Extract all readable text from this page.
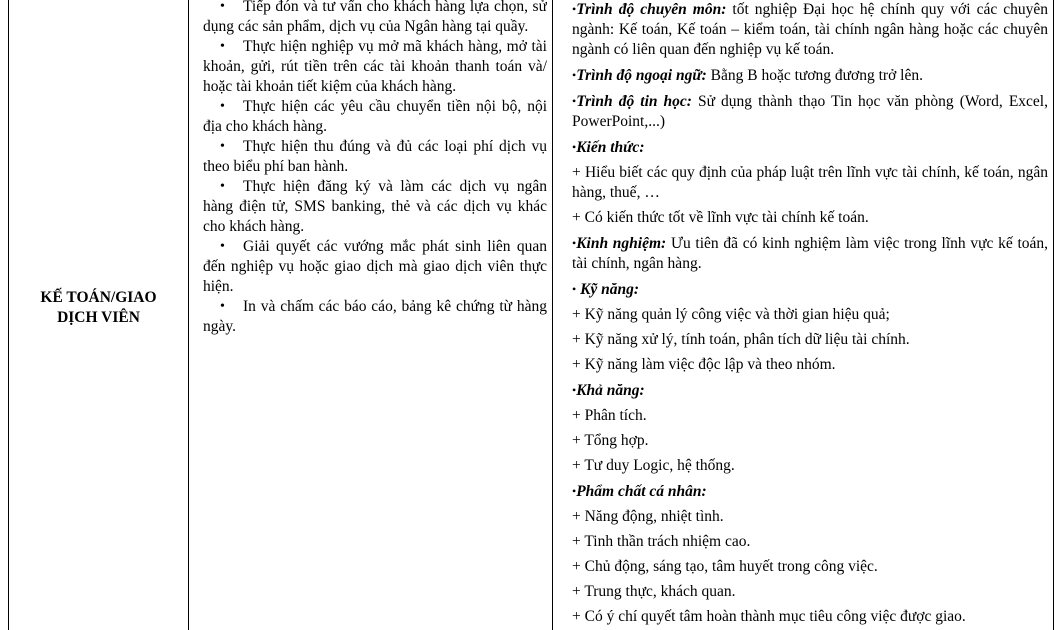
KẾ TOÁN/GIAO
DỊCH VIÊN
• Tiếp đón và tư vấn cho khách hàng lựa chọn, sử dụng các sản phẩm, dịch vụ của Ngân hàng tại quầy.
• Thực hiện nghiệp vụ mở mã khách hàng, mở tài khoản, gửi, rút tiền trên các tài khoản thanh toán và/ hoặc tài khoản tiết kiệm của khách hàng.
• Thực hiện các yêu cầu chuyển tiền nội bộ, nội địa cho khách hàng.
• Thực hiện thu đúng và đủ các loại phí dịch vụ theo biểu phí ban hành.
• Thực hiện đăng ký và làm các dịch vụ ngân hàng điện tử, SMS banking, thẻ và các dịch vụ khác cho khách hàng.
• Giải quyết các vướng mắc phát sinh liên quan đến nghiệp vụ hoặc giao dịch mà giao dịch viên thực hiện.
• In và chấm các báo cáo, bảng kê chứng từ hàng ngày.

•Trình độ chuyên môn: tốt nghiệp Đại học hệ chính quy với các chuyên ngành: Kế toán, Kế toán – kiểm toán, tài chính ngân hàng hoặc các chuyên ngành có liên quan đến nghiệp vụ kế toán.

•Trình độ ngoại ngữ: Bằng B hoặc tương đương trở lên.

•Trình độ tin học: Sử dụng thành thạo Tin học văn phòng (Word, Excel, PowerPoint,...)

•Kiến thức:

+ Hiểu biết các quy định của pháp luật trên lĩnh vực tài chính, kế toán, ngân hàng, thuế, …

+ Có kiến thức tốt về lĩnh vực tài chính kế toán.

•Kinh nghiệm: Ưu tiên đã có kinh nghiệm làm việc trong lĩnh vực kế toán, tài chính, ngân hàng.

• Kỹ năng:

+ Kỹ năng quản lý công việc và thời gian hiệu quả;

+ Kỹ năng xử lý, tính toán, phân tích dữ liệu tài chính.

+ Kỹ năng làm việc độc lập và theo nhóm.

•Khả năng:

+ Phân tích.

+ Tổng hợp.

+ Tư duy Logic, hệ thống.

•Phẩm chất cá nhân:

+ Năng động, nhiệt tình.

+ Tinh thần trách nhiệm cao.

+ Chủ động, sáng tạo, tâm huyết trong công việc.

+ Trung thực, khách quan.

+ Có ý chí quyết tâm hoàn thành mục tiêu công việc được giao.
